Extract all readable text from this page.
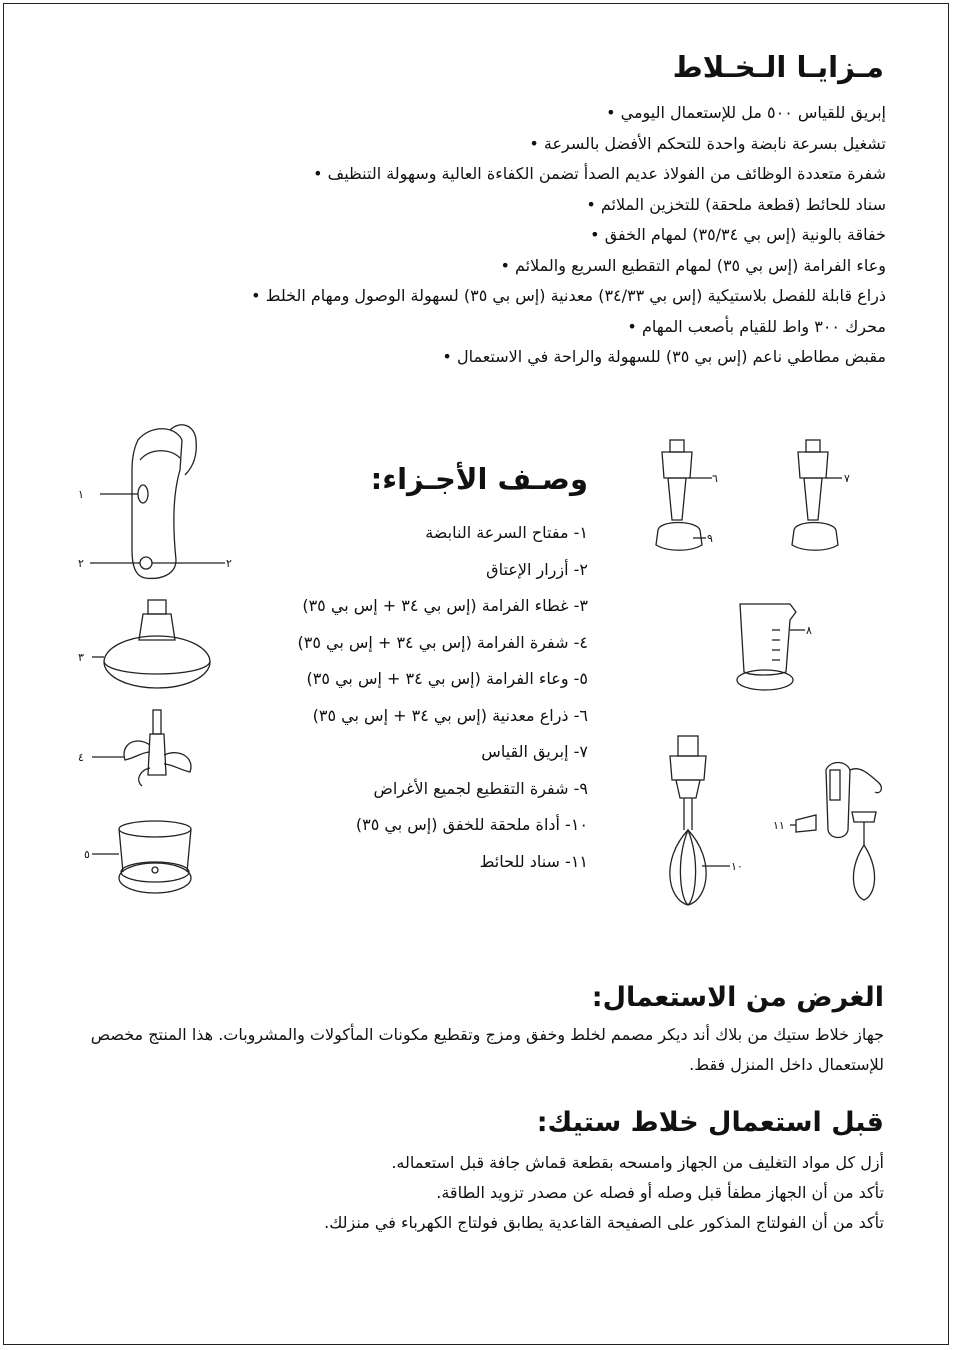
مـزايـا الـخـلاط
إبريق للقياس ٥٠٠ مل للإستعمال اليومي •
تشغيل بسرعة نابضة واحدة للتحكم الأفضل بالسرعة •
شفرة متعددة الوظائف من الفولاذ عديم الصدأ تضمن الكفاءة العالية وسهولة التنظيف •
سناد للحائط (قطعة ملحقة) للتخزين الملائم •
خفاقة بالونية (إس بي ٣٥/٣٤) لمهام الخفق •
وعاء الفرامة (إس بي ٣٥) لمهام التقطيع السريع والملائم •
ذراع قابلة للفصل بلاستيكية (إس بي ٣٤/٣٣) معدنية (إس بي ٣٥) لسهولة الوصول ومهام الخلط •
محرك ٣٠٠ واط للقيام بأصعب المهام •
مقبض مطاطي ناعم (إس بي ٣٥) للسهولة والراحة في الاستعمال •
وصـف الأجـزاء:
١- مفتاح السرعة النابضة
٢- أزرار الإعتاق
٣- غطاء الفرامة (إس بي ٣٤ + إس بي ٣٥)
٤- شفرة الفرامة (إس بي ٣٤ + إس بي ٣٥)
٥- وعاء الفرامة (إس بي ٣٤ + إس بي ٣٥)
٦- ذراع معدنية (إس بي ٣٤ + إس بي ٣٥)
٧- إبريق القياس
٩- شفرة التقطيع لجميع الأغراض
١٠- أداة ملحقة للخفق (إس بي ٣٥)
١١- سناد للحائط
١
٢	٢
٣
٤
٥
٦	٧
٨
٩
١٠
١١
الغرض من الاستعمال:

جهاز خلاط ستيك من بلاك أند ديكر مصمم لخلط وخفق ومزج وتقطيع مكونات المأكولات والمشروبات. هذا المنتج مخصص للإستعمال داخل المنزل فقط.

قبل استعمال خلاط ستيك:
أزل كل مواد التغليف من الجهاز وامسحه بقطعة قماش جافة قبل استعماله.
تأكد من أن الجهاز مطفأ قبل وصله أو فصله عن مصدر تزويد الطاقة.
تأكد من أن الفولتاج المذكور على الصفيحة القاعدية يطابق فولتاج الكهرباء في منزلك.
